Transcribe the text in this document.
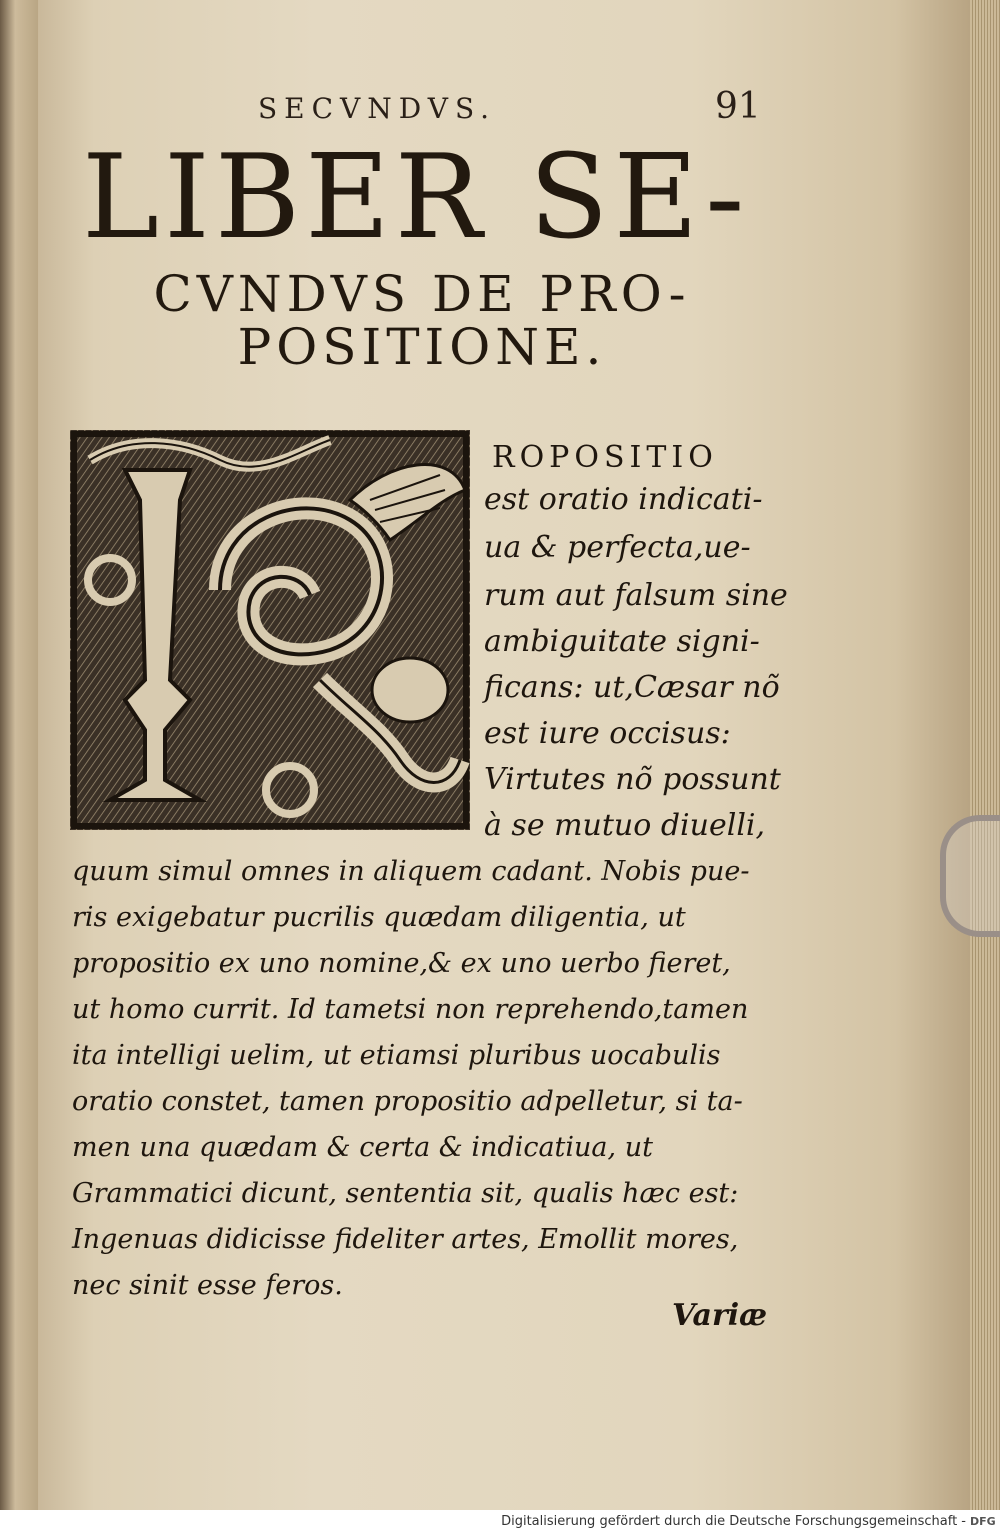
SECVNDVS.	91
LIBER SE-
CVNDVS DE PRO-
POSITIONE.
ROPOSITIO
est oratio indicati-
ua & perfecta,ue-
rum aut falsum sine
ambiguitate signi-
ficans: ut,Cæsar nõ
est iure occisus:
Virtutes nõ possunt
à se mutuo diuelli,
quum simul omnes in aliquem cadant. Nobis pue-
ris exigebatur pucrilis quædam diligentia, ut
propositio ex uno nomine,& ex uno uerbo fieret,
ut homo currit. Id tametsi non reprehendo,tamen
ita intelligi uelim, ut etiamsi pluribus uocabulis
oratio constet, tamen propositio adpelletur, si ta-
men una quædam & certa & indicatiua, ut
Grammatici dicunt, sententia sit, qualis hæc est:
Ingenuas didicisse fideliter artes, Emollit mores,
nec sinit esse feros.
Variæ
Digitalisierung gefördert durch die Deutsche Forschungsgemeinschaft - DFG
